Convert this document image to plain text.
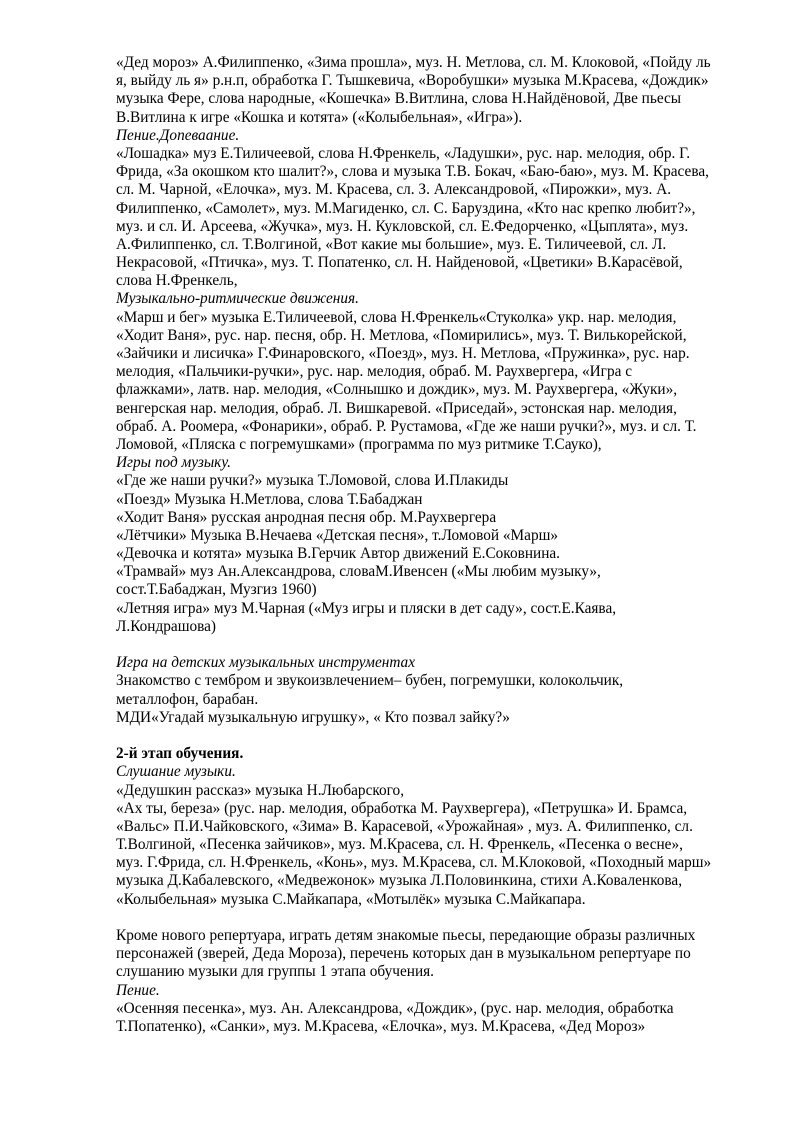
«Дед мороз» А.Филиппенко, «Зима прошла», муз. Н. Метлова, сл. М. Клоковой, «Пойду ль
я, выйду ль я» р.н.п, обработка Г. Тышкевича, «Воробушки» музыка М.Красева, «Дождик»
музыка Фере, слова народные, «Кошечка» В.Витлина, слова Н.Найдёновой, Две пьесы
В.Витлина к игре «Кошка и котята» («Колыбельная», «Игра»).
Пение.Допеваание.
«Лошадка» муз Е.Тиличеевой, слова Н.Френкель, «Ладушки», рус. нар. мелодия, обр. Г.
Фрида, «За окошком кто шалит?», слова и музыка Т.В. Бокач, «Баю-баю», муз. М. Красева,
сл. М. Чарной, «Елочка», муз. М. Красева, сл. З. Александровой, «Пирожки», муз. А.
Филиппенко, «Самолет», муз. М.Магиденко, сл. С. Баруздина, «Кто нас крепко любит?»,
муз. и сл. И. Арсеева, «Жучка», муз. Н. Кукловской, сл. Е.Федорченко, «Цыплята», муз.
А.Филиппенко, сл. Т.Волгиной, «Вот какие мы большие», муз. Е. Тиличеевой, сл. Л.
Некрасовой, «Птичка», муз. Т. Попатенко, сл. Н. Найденовой, «Цветики» В.Карасёвой,
слова Н.Френкель,
Музыкально-ритмические движения.
«Марш и бег» музыка Е.Тиличеевой, слова Н.Френкель«Стуколка» укр. нар. мелодия,
«Ходит Ваня», рус. нар. песня, обр. Н. Метлова, «Помирились», муз. Т. Вилькорейской,
«Зайчики и лисичка» Г.Финаровского, «Поезд», муз. Н. Метлова, «Пружинка», рус. нар.
мелодия, «Пальчики-ручки», рус. нар. мелодия, обраб. М. Раухвергера, «Игра с
флажками», латв. нар. мелодия, «Солнышко и дождик», муз. М. Раухвергера, «Жуки»,
венгерская нар. мелодия, обраб. Л. Вишкаревой. «Приседай», эстонская нар. мелодия,
обраб. А. Роомера, «Фонарики», обраб. Р. Рустамова, «Где же наши ручки?», муз. и сл. Т.
Ломовой, «Пляска с погремушками» (программа по муз ритмике Т.Сауко),
Игры под музыку.
«Где же наши ручки?» музыка Т.Ломовой, слова И.Плакиды
«Поезд» Музыка Н.Метлова, слова Т.Бабаджан
«Ходит Ваня» русская анродная песня обр. М.Раухвергера
«Лётчики» Музыка В.Нечаева «Детская песня», т.Ломовой «Марш»
«Девочка и котята» музыка В.Герчик Автор движений Е.Соковнина.
«Трамвай» муз Ан.Александрова, словаМ.Ивенсен («Мы любим музыку»,
сост.Т.Бабаджан, Музгиз 1960)
«Летняя игра» муз М.Чарная («Муз игры и пляски в дет саду», сост.Е.Каява,
Л.Кондрашова)
Игра на детских музыкальных инструментах
Знакомство с тембром и звукоизвлечением– бубен, погремушки, колокольчик,
металлофон, барабан.
МДИ«Угадай музыкальную игрушку», « Кто позвал зайку?»
2-й этап обучения.
Слушание музыки.
«Дедушкин рассказ» музыка Н.Любарского,
«Ах ты, береза» (рус. нар. мелодия, обработка М. Раухвергера), «Петрушка» И. Брамса,
«Вальс» П.И.Чайковского, «Зима» В. Карасевой, «Урожайная» , муз. А. Филиппенко, сл.
Т.Волгиной, «Песенка зайчиков», муз. М.Красева, сл. Н. Френкель, «Песенка о весне»,
муз. Г.Фрида, сл. Н.Френкель, «Конь», муз. М.Красева, сл. М.Клоковой, «Походный марш»
музыка Д.Кабалевского, «Медвежонок» музыка Л.Половинкина, стихи А.Коваленкова,
«Колыбельная» музыка С.Майкапара, «Мотылёк» музыка С.Майкапара.
Кроме нового репертуара, играть детям знакомые пьесы, передающие образы различных
персонажей (зверей, Деда Мороза), перечень которых дан в музыкальном репертуаре по
слушанию музыки для группы 1 этапа обучения.
Пение.
«Осенняя песенка», муз. Ан. Александрова, «Дождик», (рус. нар. мелодия, обработка
Т.Попатенко), «Санки», муз. М.Красева, «Елочка», муз. М.Красева, «Дед Мороз»
